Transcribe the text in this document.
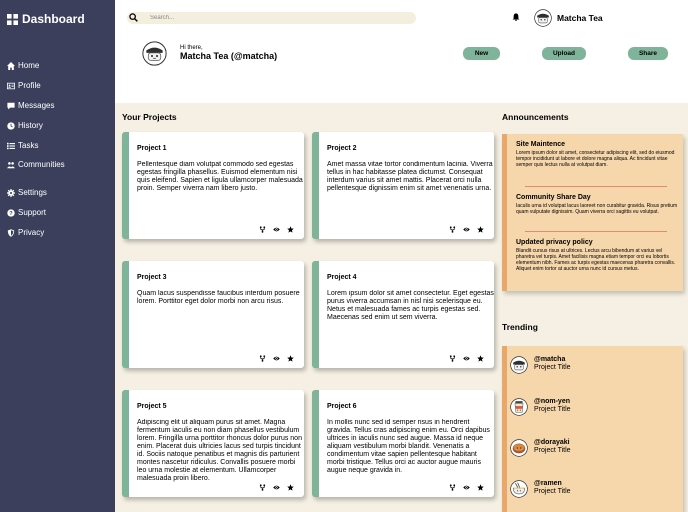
Dashboard
Home
Profile
Messages
History
Tasks
Communities
Settings
? Support
Privacy
Search...
Matcha Tea
Hi there,
Matcha Tea (@matcha)	New	Upload	Share
Your Projects
Project 1
Pellentesque diam volutpat commodo sed egestas egestas fringilla phasellus. Euismod elementum nisi quis eleifend. Sapien et ligula ullamcorper malesuada proin. Semper viverra nam libero justo.
Project 2
Amet massa vitae tortor condimentum lacinia. Viverra tellus in hac habitasse platea dictumst. Consequat interdum varius sit amet mattis. Placerat orci nulla pellentesque dignissim enim sit amet venenatis urna.
Project 3
Quam lacus suspendisse faucibus interdum posuere lorem. Porttitor eget dolor morbi non arcu risus.
Project 4
Lorem ipsum dolor sit amet consectetur. Eget egestas purus viverra accumsan in nisl nisi scelerisque eu. Netus et malesuada fames ac turpis egestas sed. Maecenas sed enim ut sem viverra.
Project 5
Adipiscing elit ut aliquam purus sit amet. Magna fermentum iaculis eu non diam phasellus vestibulum lorem. Fringilla urna porttitor rhoncus dolor purus non enim. Placerat duis ultricies lacus sed turpis tincidunt id. Sociis natoque penatibus et magnis dis parturient montes nascetur ridiculus. Convallis posuere morbi leo urna molestie at elementum. Ullamcorper malesuada proin libero.
Project 6
In mollis nunc sed id semper risus in hendrerit gravida. Tellus cras adipiscing enim eu. Orci dapibus ultrices in iaculis nunc sed augue. Massa id neque aliquam vestibulum morbi blandit. Venenatis a condimentum vitae sapien pellentesque habitant morbi tristique. Tellus orci ac auctor augue mauris augue neque gravida in.
Announcements
Site Maintence
Lorem ipsum dolor sit amet, consectetur adipiscing elit, sed do eiusmod tempor incididunt ut labore et dolore magna aliqua. Ac tincidunt vitae semper quis lectus nulla at volutpat diam.
Community Share Day
Iaculis urna id volutpat lacus laoreet non curabitur gravida. Risus pretium quam vulputate dignissim. Quam viverra orci sagittis eu volutpat.
Updated privacy policy
Blandit cursus risus at ultrices. Lectus arcu bibendum at varius vel pharetra vel turpis. Amet facilisis magna etiam tempor orci eu lobortis elementum nibh. Fames ac turpis egestas maecenas pharetra convallis. Aliquet enim tortor at auctor urna nunc id cursus metus.
Trending
@matcha
Project Title
@nom-yen
Project Title
@dorayaki
Project Title
@ramen
Project Title
